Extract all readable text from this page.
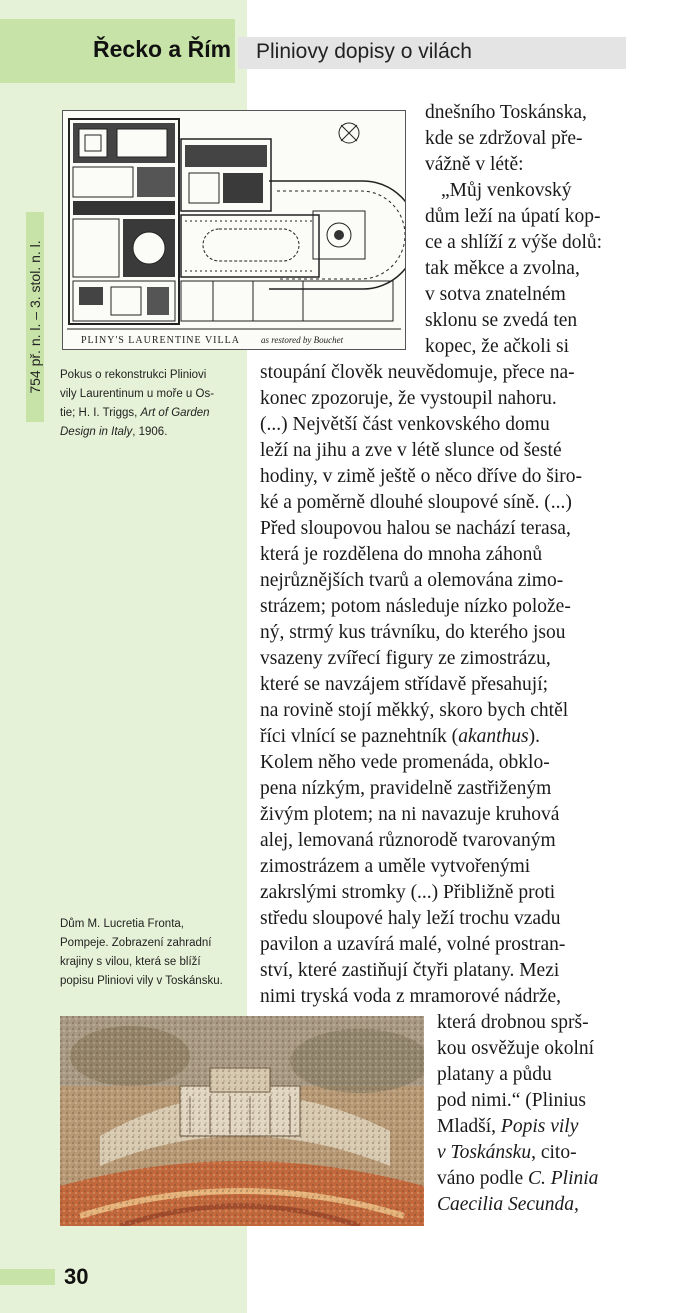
Řecko a Řím Pliniovy dopisy o vilách
754 př. n. l. – 3. stol. n. l.	PLINY'S LAURENTINE VILLA as restored by Bouchet
Pokus o rekonstrukci Pliniovi
vily Laurentinum u moře u Os-
tie; H. I. Triggs, Art of Garden
Design in Italy, 1906.
Dům M. Lucretia Fronta,
Pompeje. Zobrazení zahradní
krajiny s vilou, která se blíží
popisu Pliniovi vily v Toskánsku.
dnešního Toskánska,
kde se zdržoval pře-
vážně v létě:
„Můj venkovský
dům leží na úpatí kop-
ce a shlíží z výše dolů:
tak měkce a zvolna,
v sotva znatelném
sklonu se zvedá ten
kopec, že ačkoli si
stoupání člověk neuvědomuje, přece na-
konec zpozoruje, že vystoupil nahoru.
(...) Největší část venkovského domu
leží na jihu a zve v létě slunce od šesté
hodiny, v zimě ještě o něco dříve do širo-
ké a poměrně dlouhé sloupové síně. (...)
Před sloupovou halou se nachází terasa,
která je rozdělena do mnoha záhonů
nejrůznějších tvarů a olemována zimo-
strázem; potom následuje nízko polože-
ný, strmý kus trávníku, do kterého jsou
vsazeny zvířecí figury ze zimostrázu,
které se navzájem střídavě přesahují;
na rovině stojí měkký, skoro bych chtěl
říci vlnící se paznehtník (akanthus).
Kolem něho vede promenáda, obklo-
pena nízkým, pravidelně zastřiženým
živým plotem; na ni navazuje kruhová
alej, lemovaná různorodě tvarovaným
zimostrázem a uměle vytvořenými
zakrslými stromky (...) Přibližně proti
středu sloupové haly leží trochu vzadu
pavilon a uzavírá malé, volné prostran-
ství, které zastiňují čtyři platany. Mezi
nimi tryská voda z mramorové nádrže,
která drobnou sprš-
kou osvěžuje okolní
platany a půdu
pod nimi.“ (Plinius
Mladší, Popis vily
v Toskánsku, cito-
váno podle C. Plinia
Caecilia Secunda,
30
